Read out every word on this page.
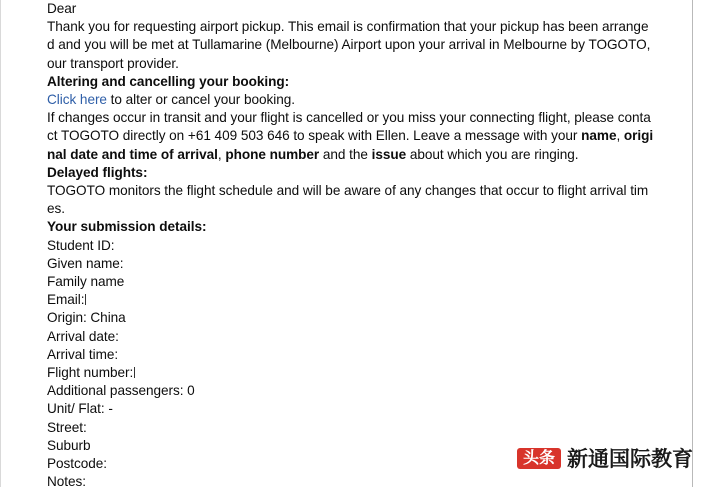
Dear

Thank you for requesting airport pickup. This email is confirmation that your pickup has been arrange

d and you will be met at Tullamarine (Melbourne) Airport upon your arrival in Melbourne by TOGOTO,

our transport provider.

Altering and cancelling your booking:

Click here to alter or cancel your booking.

If changes occur in transit and your flight is cancelled or you miss your connecting flight, please conta

ct TOGOTO directly on +61 409 503 646 to speak with Ellen. Leave a message with your name, origi

nal date and time of arrival, phone number and the issue about which you are ringing.

Delayed flights:

TOGOTO monitors the flight schedule and will be aware of any changes that occur to flight arrival tim

es.

Your submission details:

Student ID:

Given name:

Family name

Email:

Origin: China

Arrival date:

Arrival time:

Flight number:

Additional passengers: 0

Unit/ Flat: -

Street:

Suburb

Postcode:

Notes:

头条 新通国际教育
